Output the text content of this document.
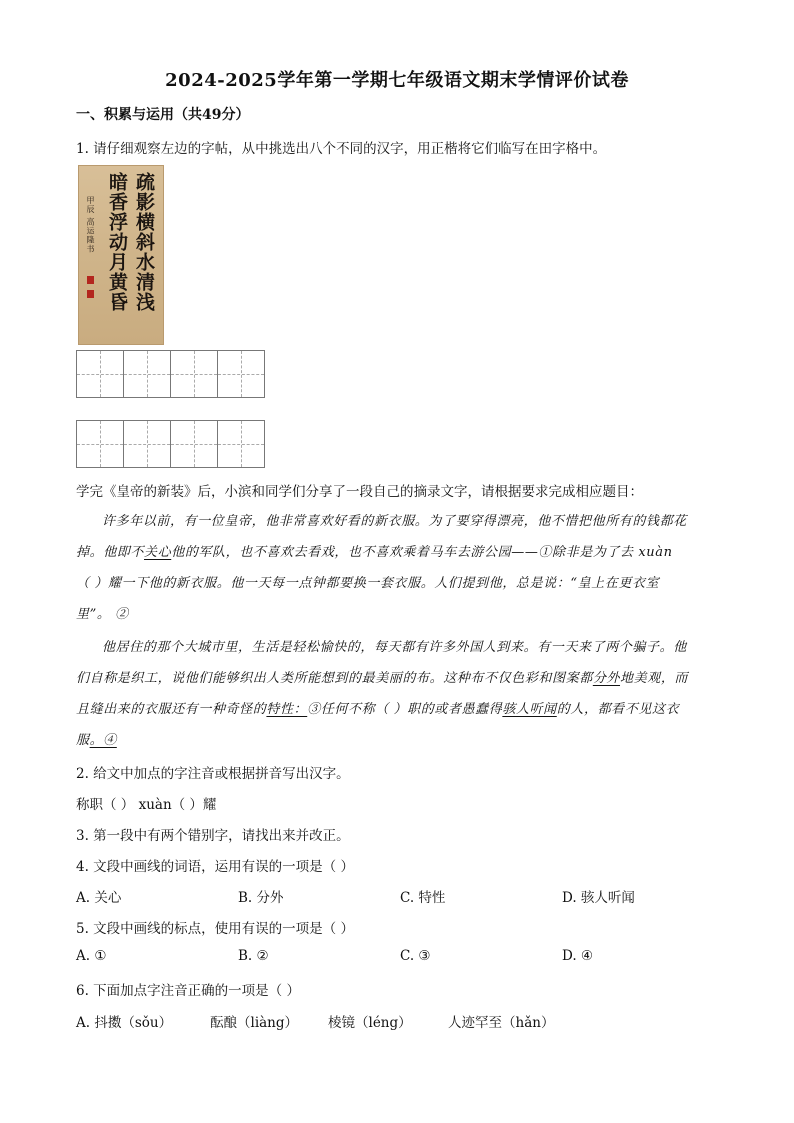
2024-2025学年第一学期七年级语文期末学情评价试卷
一、积累与运用（共49分）
1. 请仔细观察左边的字帖，从中挑选出八个不同的汉字，用正楷将它们临写在田字格中。
疏影横斜水清浅
暗香浮动月黄昏
甲辰 高运隆书
学完《皇帝的新装》后，小滨和同学们分享了一段自己的摘录文字，请根据要求完成相应题目：
许多年以前，有一位皇帝，他非常喜欢好看的新衣服。为了要穿得漂亮，他不惜把他所有的钱都花
掉。他即不关心他的军队，也不喜欢去看戏，也不喜欢乘着马车去游公园——①除非是为了去 xuàn
（ ）耀一下他的新衣服。他一天每一点钟都要换一套衣服。人们提到他，总是说：“皇上在更衣室
里”。 ②
他居住的那个大城市里，生活是轻松愉快的，每天都有许多外国人到来。有一天来了两个骗子。他
们自称是织工，说他们能够织出人类所能想到的最美丽的布。这种布不仅色彩和图案都分外地美观，而
且缝出来的衣服还有一种奇怪的特性：③任何不称（ ）职的或者愚蠢得骇人听闻的人，都看不见这衣
服。④
2. 给文中加点的字注音或根据拼音写出汉字。
称职（ ） xuàn（ ）耀
3. 第一段中有两个错别字，请找出来并改正。
4. 文段中画线的词语，运用有误的一项是（ ）
A. 关心	B. 分外	C. 特性	D. 骇人听闻
5. 文段中画线的标点，使用有误的一项是（ ）
A. ①	B. ②	C. ③	D. ④
6. 下面加点字注音正确的一项是（ ）
A. 抖擞（sǒu）	酝酿（liàng） 棱镜（léng）	人迹罕至（hǎn）
